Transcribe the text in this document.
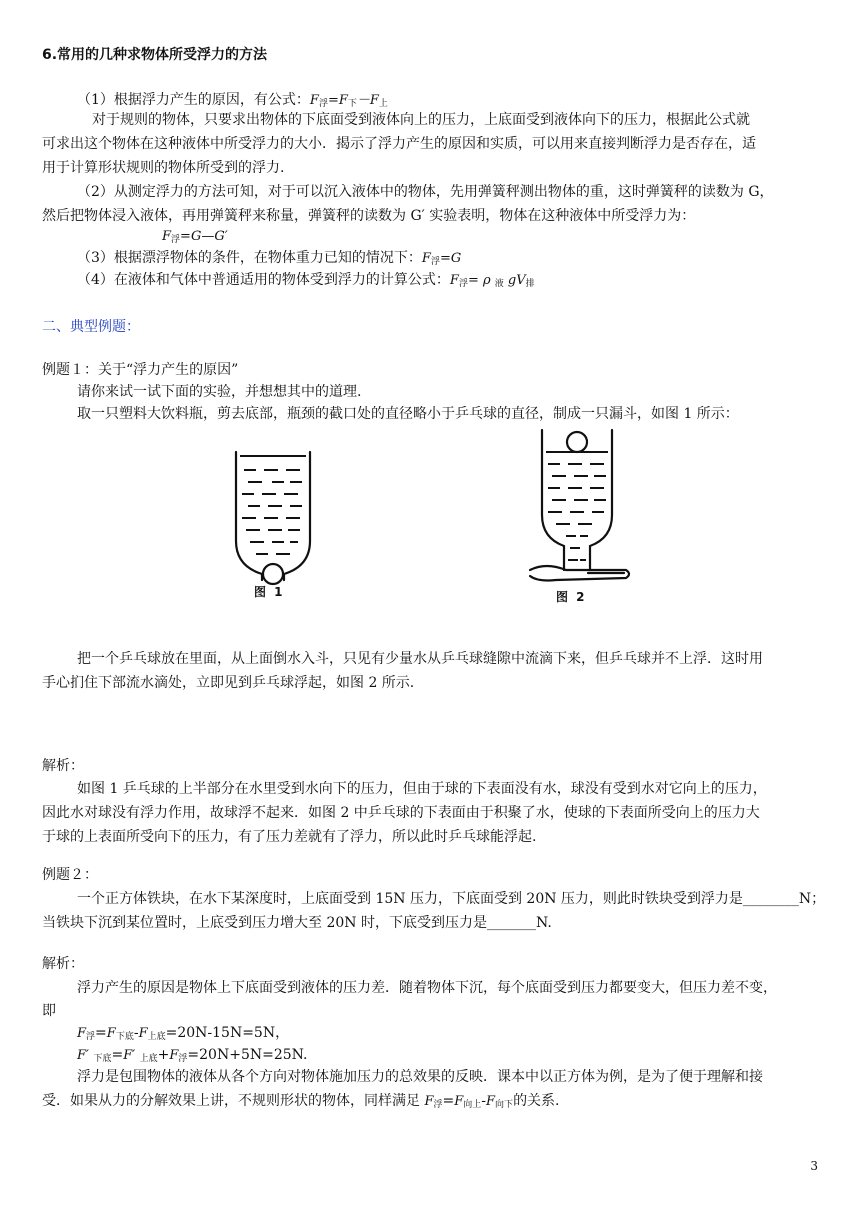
6.常用的几种求物体所受浮力的方法
（1）根据浮力产生的原因，有公式：F浮=F下－F上
对于规则的物体，只要求出物体的下底面受到液体向上的压力，上底面受到液体向下的压力，根据此公式就
可求出这个物体在这种液体中所受浮力的大小．揭示了浮力产生的原因和实质，可以用来直接判断浮力是否存在，适
用于计算形状规则的物体所受到的浮力.
（2）从测定浮力的方法可知，对于可以沉入液体中的物体，先用弹簧秤测出物体的重，这时弹簧秤的读数为 G，
然后把物体浸入液体，再用弹簧秤来称量，弹簧秤的读数为 G′ 实验表明，物体在这种液体中所受浮力为：
F浮=G—G′
（3）根据漂浮物体的条件，在物体重力已知的情况下：F浮=G
（4）在液体和气体中普通适用的物体受到浮力的计算公式：F浮= ρ 液 gV排
二、典型例题：
例题１：关于“浮力产生的原因”
请你来试一试下面的实验，并想想其中的道理.
取一只塑料大饮料瓶，剪去底部，瓶颈的截口处的直径略小于乒乓球的直径，制成一只漏斗，如图 1 所示：
图 1	图 2
把一个乒乓球放在里面，从上面倒水入斗，只见有少量水从乒乓球缝隙中流滴下来，但乒乓球并不上浮．这时用
手心扪住下部流水滴处，立即见到乒乓球浮起，如图 2 所示.
解析：
如图 1 乒乓球的上半部分在水里受到水向下的压力，但由于球的下表面没有水，球没有受到水对它向上的压力，
因此水对球没有浮力作用，故球浮不起来．如图 2 中乒乓球的下表面由于积聚了水，使球的下表面所受向上的压力大
于球的上表面所受向下的压力，有了压力差就有了浮力，所以此时乒乓球能浮起.
例题２：
一个正方体铁块，在水下某深度时，上底面受到 15N 压力，下底面受到 20N 压力，则此时铁块受到浮力是________N；
当铁块下沉到某位置时，上底受到压力增大至 20N 时，下底受到压力是_______N.
解析：
浮力产生的原因是物体上下底面受到液体的压力差．随着物体下沉，每个底面受到压力都要变大，但压力差不变，
即
F浮=F下底-F上底=20N-15N=5N，
F′ 下底=F′ 上底+F浮=20N+5N=25N.
浮力是包围物体的液体从各个方向对物体施加压力的总效果的反映．课本中以正方体为例，是为了便于理解和接
受．如果从力的分解效果上讲，不规则形状的物体，同样满足 F浮=F向上-F向下的关系.
3
